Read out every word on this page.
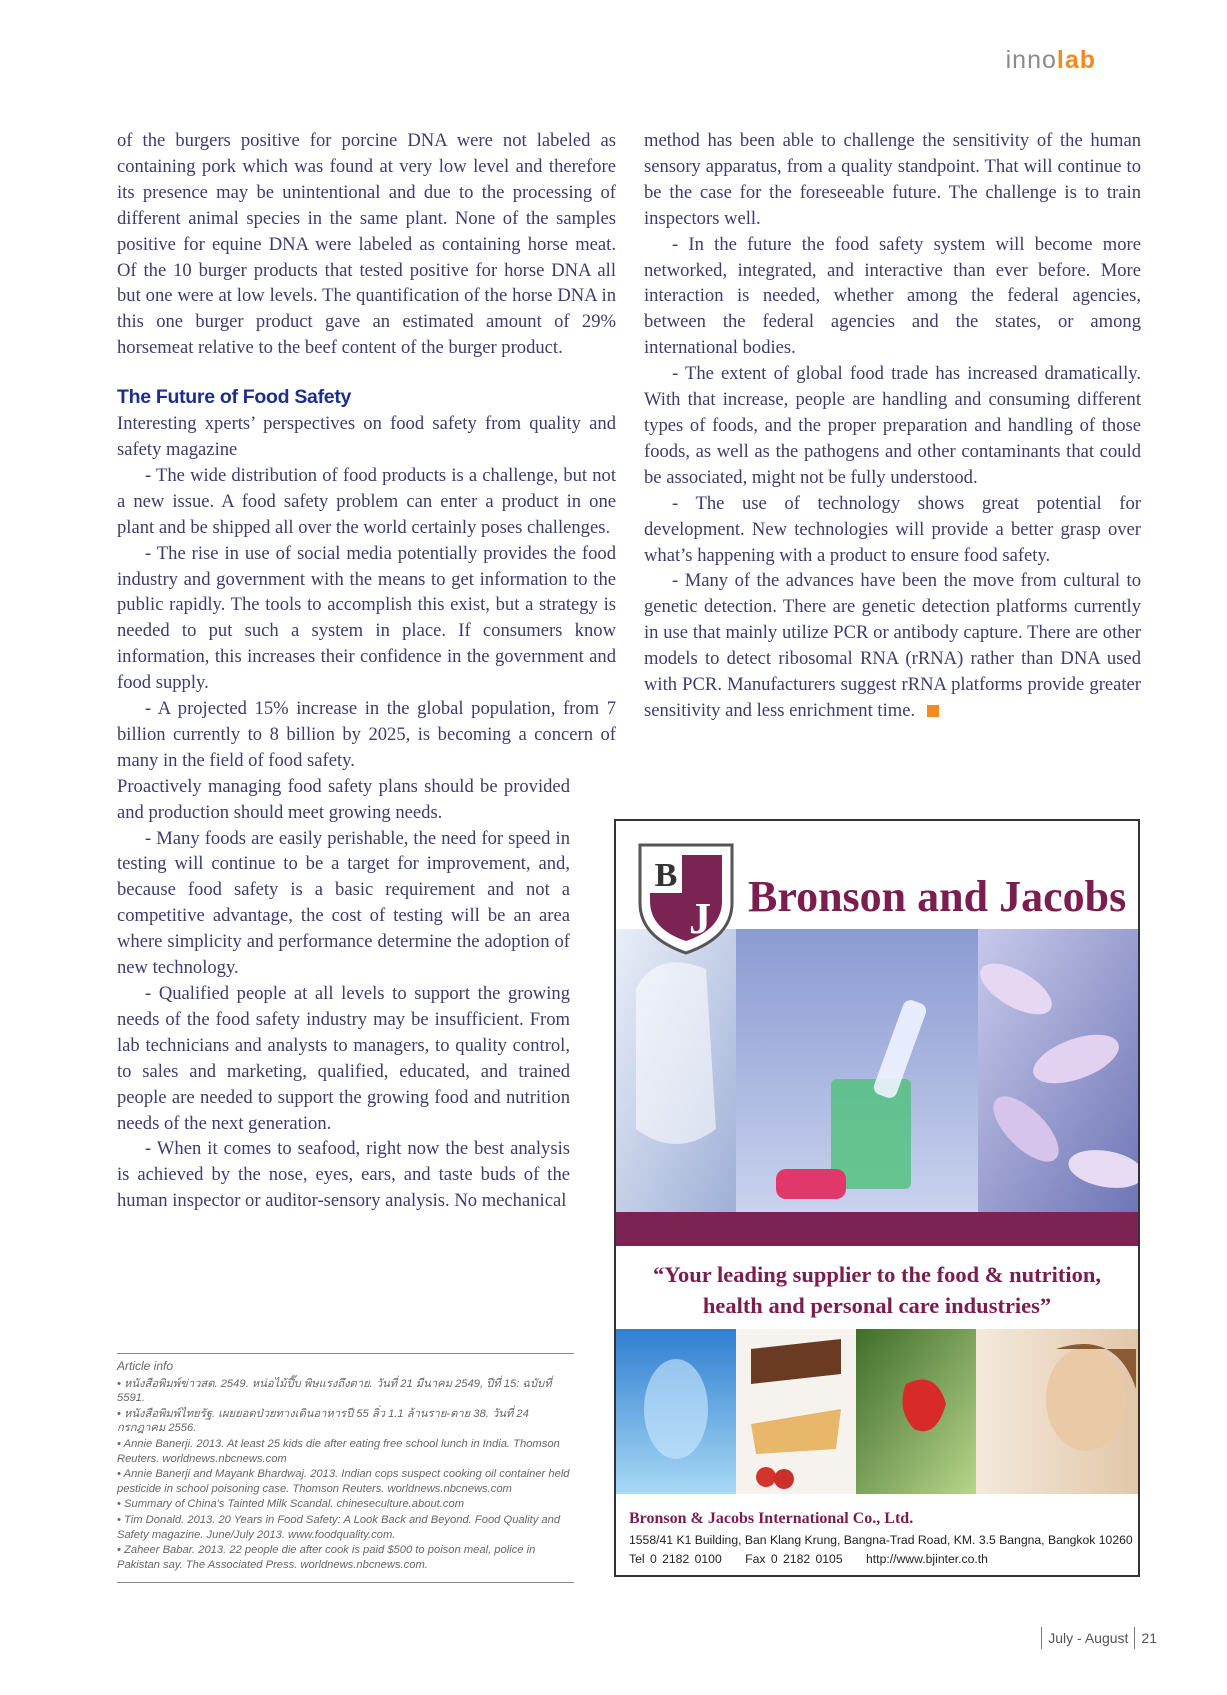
innolab

of the burgers positive for porcine DNA were not labeled as containing pork which was found at very low level and therefore its presence may be unintentional and due to the processing of different animal species in the same plant. None of the samples positive for equine DNA were labeled as containing horse meat. Of the 10 burger products that tested positive for horse DNA all but one were at low levels. The quantification of the horse DNA in this one burger product gave an estimated amount of 29% horsemeat relative to the beef content of the burger product.

The Future of Food Safety

Interesting xperts’ perspectives on food safety from quality and safety magazine

- The wide distribution of food products is a challenge, but not a new issue. A food safety problem can enter a product in one plant and be shipped all over the world certainly poses challenges.

- The rise in use of social media potentially provides the food industry and government with the means to get information to the public rapidly. The tools to accomplish this exist, but a strategy is needed to put such a system in place. If consumers know information, this increases their confidence in the government and food supply.

- A projected 15% increase in the global population, from 7 billion currently to 8 billion by 2025, is becoming a concern of many in the field of food safety.

Proactively managing food safety plans should be provided and production should meet growing needs.

- Many foods are easily perishable, the need for speed in testing will continue to be a target for improvement, and, because food safety is a basic requirement and not a competitive advantage, the cost of testing will be an area where simplicity and performance determine the adoption of new technology.

- Qualified people at all levels to support the growing needs of the food safety industry may be insufficient. From lab technicians and analysts to managers, to quality control, to sales and marketing, qualified, educated, and trained people are needed to support the growing food and nutrition needs of the next generation.

- When it comes to seafood, right now the best analysis is achieved by the nose, eyes, ears, and taste buds of the human inspector or auditor-sensory analysis. No mechanical

method has been able to challenge the sensitivity of the human sensory apparatus, from a quality standpoint. That will continue to be the case for the foreseeable future. The challenge is to train inspectors well.

- In the future the food safety system will become more networked, integrated, and interactive than ever before. More interaction is needed, whether among the federal agencies, between the federal agencies and the states, or among international bodies.

- The extent of global food trade has increased dramatically. With that increase, people are handling and consuming different types of foods, and the proper preparation and handling of those foods, as well as the pathogens and other contaminants that could be associated, might not be fully understood.

- The use of technology shows great potential for development. New technologies will provide a better grasp over what’s happening with a product to ensure food safety.

- Many of the advances have been the move from cultural to genetic detection. There are genetic detection platforms currently in use that mainly utilize PCR or antibody capture. There are other models to detect ribosomal RNA (rRNA) rather than DNA used with PCR. Manufacturers suggest rRNA platforms provide greater sensitivity and less enrichment time.

Article info
• หนังสือพิมพ์ข่าวสด. 2549. หน่อไม้ปี๊บ พิษแรงถึงตาย. วันที่ 21 มีนาคม 2549, ปีที่ 15: ฉบับที่ 5591.
• หนังสือพิมพ์ไทยรัฐ. เผยยอดป่วยทางเดินอาหารปี 55 ลิ่ว 1.1 ล้านราย-ตาย 38. วันที่ 24 กรกฎาคม 2556.
• Annie Banerji. 2013. At least 25 kids die after eating free school lunch in India. Thomson Reuters. worldnews.nbcnews.com
• Annie Banerji and Mayank Bhardwaj. 2013. Indian cops suspect cooking oil container held pesticide in school poisoning case. Thomson Reuters. worldnews.nbcnews.com
• Summary of China's Tainted Milk Scandal. chineseculture.about.com
• Tim Donald. 2013. 20 Years in Food Safety: A Look Back and Beyond. Food Quality and Safety magazine. June/July 2013. www.foodquality.com.
• Zaheer Babar. 2013. 22 people die after cook is paid $500 to poison meal, police in Pakistan say. The Associated Press. worldnews.nbcnews.com.
B
J Bronson and Jacobs
“Your leading supplier to the food & nutrition,
health and personal care industries”
Bronson & Jacobs International Co., Ltd.
1558/41 K1 Building, Ban Klang Krung, Bangna-Trad Road, KM. 3.5 Bangna, Bangkok 10260
Tel 0 2182 0100 Fax 0 2182 0105 http://www.bjinter.co.th
July - August 21
